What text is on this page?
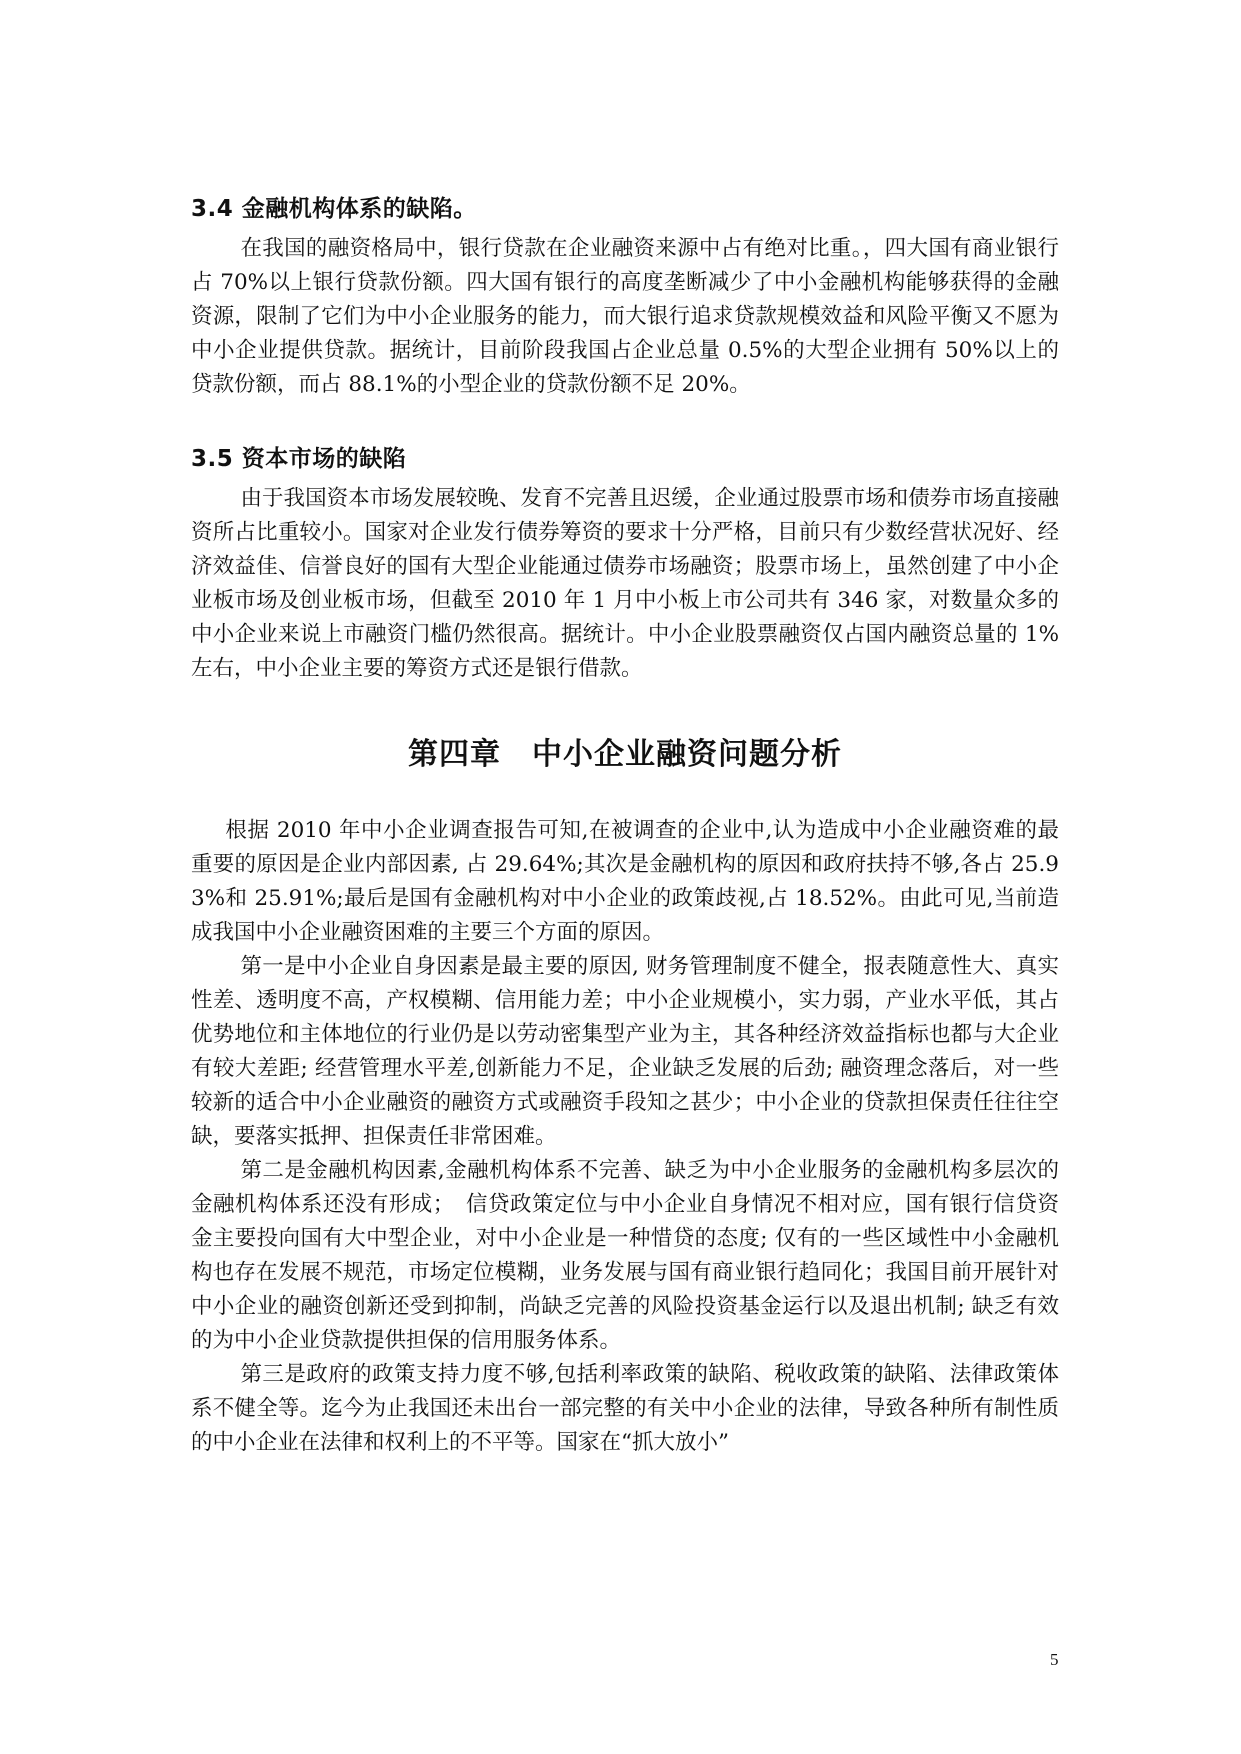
3.4 金融机构体系的缺陷。

在我国的融资格局中，银行贷款在企业融资来源中占有绝对比重。，四大国有商业银行占 70%以上银行贷款份额。四大国有银行的高度垄断减少了中小金融机构能够获得的金融资源，限制了它们为中小企业服务的能力，而大银行追求贷款规模效益和风险平衡又不愿为中小企业提供贷款。据统计，目前阶段我国占企业总量 0.5%的大型企业拥有 50%以上的贷款份额，而占 88.1%的小型企业的贷款份额不足 20%。

3.5 资本市场的缺陷

由于我国资本市场发展较晚、发育不完善且迟缓，企业通过股票市场和债券市场直接融资所占比重较小。国家对企业发行债券筹资的要求十分严格，目前只有少数经营状况好、经济效益佳、信誉良好的国有大型企业能通过债券市场融资；股票市场上，虽然创建了中小企业板市场及创业板市场，但截至 2010 年 1 月中小板上市公司共有 346 家，对数量众多的中小企业来说上市融资门槛仍然很高。据统计。中小企业股票融资仅占国内融资总量的 1%左右，中小企业主要的筹资方式还是银行借款。

第四章　中小企业融资问题分析

根据 2010 年中小企业调查报告可知,在被调查的企业中,认为造成中小企业融资难的最重要的原因是企业内部因素, 占 29.64%;其次是金融机构的原因和政府扶持不够,各占 25.93%和 25.91%;最后是国有金融机构对中小企业的政策歧视,占 18.52%。由此可见,当前造成我国中小企业融资困难的主要三个方面的原因。

第一是中小企业自身因素是最主要的原因, 财务管理制度不健全，报表随意性大、真实性差、透明度不高，产权模糊、信用能力差；中小企业规模小，实力弱，产业水平低，其占优势地位和主体地位的行业仍是以劳动密集型产业为主，其各种经济效益指标也都与大企业有较大差距; 经营管理水平差,创新能力不足，企业缺乏发展的后劲; 融资理念落后，对一些较新的适合中小企业融资的融资方式或融资手段知之甚少；中小企业的贷款担保责任往往空缺，要落实抵押、担保责任非常困难。

第二是金融机构因素,金融机构体系不完善、缺乏为中小企业服务的金融机构多层次的金融机构体系还没有形成；　信贷政策定位与中小企业自身情况不相对应，国有银行信贷资金主要投向国有大中型企业，对中小企业是一种惜贷的态度; 仅有的一些区域性中小金融机构也存在发展不规范，市场定位模糊，业务发展与国有商业银行趋同化；我国目前开展针对中小企业的融资创新还受到抑制，尚缺乏完善的风险投资基金运行以及退出机制; 缺乏有效的为中小企业贷款提供担保的信用服务体系。

第三是政府的政策支持力度不够,包括利率政策的缺陷、税收政策的缺陷、法律政策体系不健全等。迄今为止我国还未出台一部完整的有关中小企业的法律，导致各种所有制性质的中小企业在法律和权利上的不平等。国家在“抓大放小”

5
